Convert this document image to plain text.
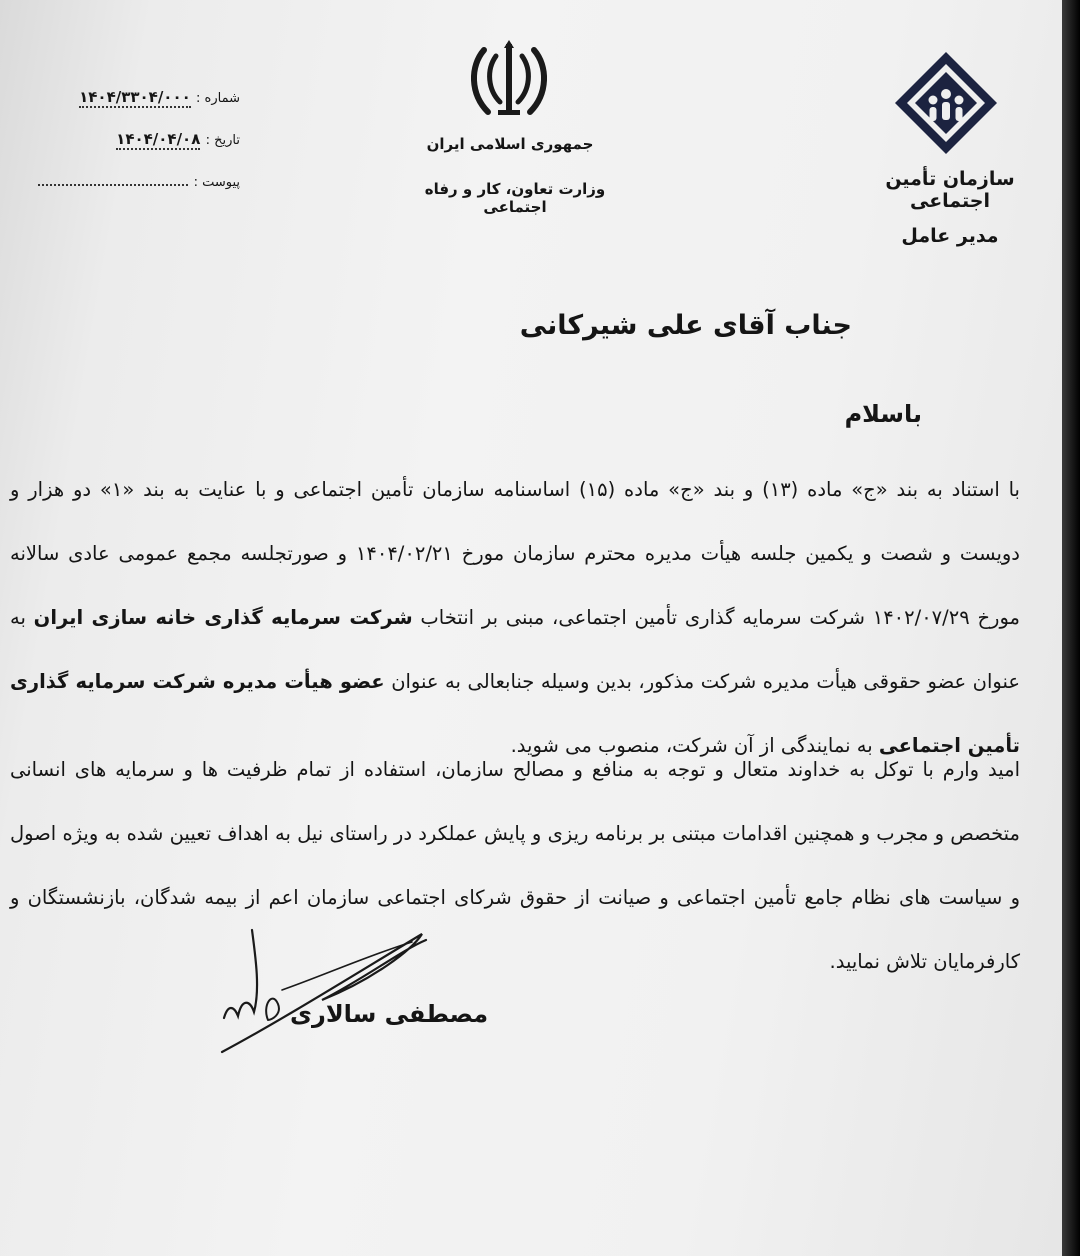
سازمان تأمین اجتماعی
مدیر عامل
جمهوری اسلامی ایران
وزارت تعاون، کار و رفاه اجتماعی
شماره : ۱۴۰۴/۳۳۰۴/۰۰۰
تاریخ : ۱۴۰۴/۰۴/۰۸
پیوست :
جناب آقای علی شیرکانی
باسلام
با استناد به بند «ج» ماده (۱۳) و بند «ج» ماده (۱۵) اساسنامه سازمان تأمین اجتماعی و با عنایت به بند «۱» دو هزار و دویست و شصت و یکمین جلسه هیأت مدیره محترم سازمان مورخ ۱۴۰۴/۰۲/۲۱ و صورتجلسه مجمع عمومی عادی سالانه مورخ ۱۴۰۲/۰۷/۲۹ شرکت سرمایه گذاری تأمین اجتماعی، مبنی بر انتخاب شرکت سرمایه گذاری خانه سازی ایران به عنوان عضو حقوقی هیأت مدیره شرکت مذکور، بدین وسیله جنابعالی به عنوان عضو هیأت مدیره شرکت سرمایه گذاری تأمین اجتماعی به نمایندگی از آن شرکت، منصوب می شوید.
امید وارم با توکل به خداوند متعال و توجه به منافع و مصالح سازمان، استفاده از تمام ظرفیت ها و سرمایه های انسانی متخصص و مجرب و همچنین اقدامات مبتنی بر برنامه ریزی و پایش عملکرد در راستای نیل به اهداف تعیین شده به ویژه اصول و سیاست های نظام جامع تأمین اجتماعی و صیانت از حقوق شرکای اجتماعی سازمان اعم از بیمه شدگان، بازنشستگان و کارفرمایان تلاش نمایید.
مصطفی سالاری
